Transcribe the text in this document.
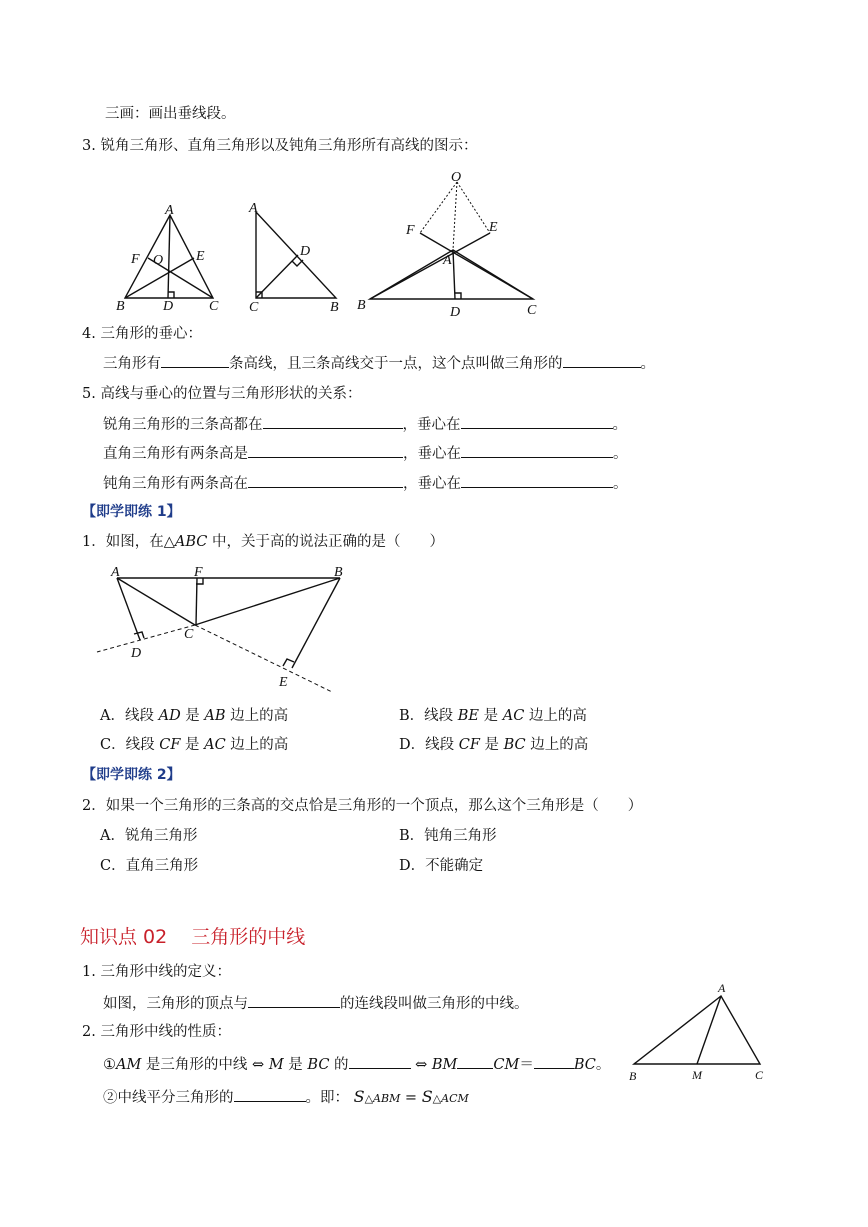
三画：画出垂线段。
3. 锐角三角形、直角三角形以及钝角三角形所有高线的图示：
A
B	C
D
E
F O
A
C	B
D
O
A
B	C
D
E
F
4. 三角形的垂心：
三角形有	条高线，且三条高线交于一点，这个点叫做三角形的	。
5. 高线与垂心的位置与三角形形状的关系：
锐角三角形的三条高都在	，垂心在	。
直角三角形有两条高是	，垂心在	。
钝角三角形有两条高在	，垂心在	。
【即学即练 1】
1．如图，在△ABC 中，关于高的说法正确的是（　　）
A	B
F
C
D
E
A．线段 AD 是 AB 边上的高	B．线段 BE 是 AC 边上的高
C．线段 CF 是 AC 边上的高	D．线段 CF 是 BC 边上的高
【即学即练 2】
2．如果一个三角形的三条高的交点恰是三角形的一个顶点，那么这个三角形是（　　）
A．锐角三角形	B．钝角三角形
C．直角三角形	D．不能确定
知识点 02 三角形的中线
1. 三角形中线的定义：
如图，三角形的顶点与	的连线段叫做三角形的中线。
2. 三角形中线的性质：
①AM 是三角形的中线 ⇔ M 是 BC 的	⇔ BM CM＝	BC。
②中线平分三角形的	。即： S△ABM = S△ACM
A
B	M	C
